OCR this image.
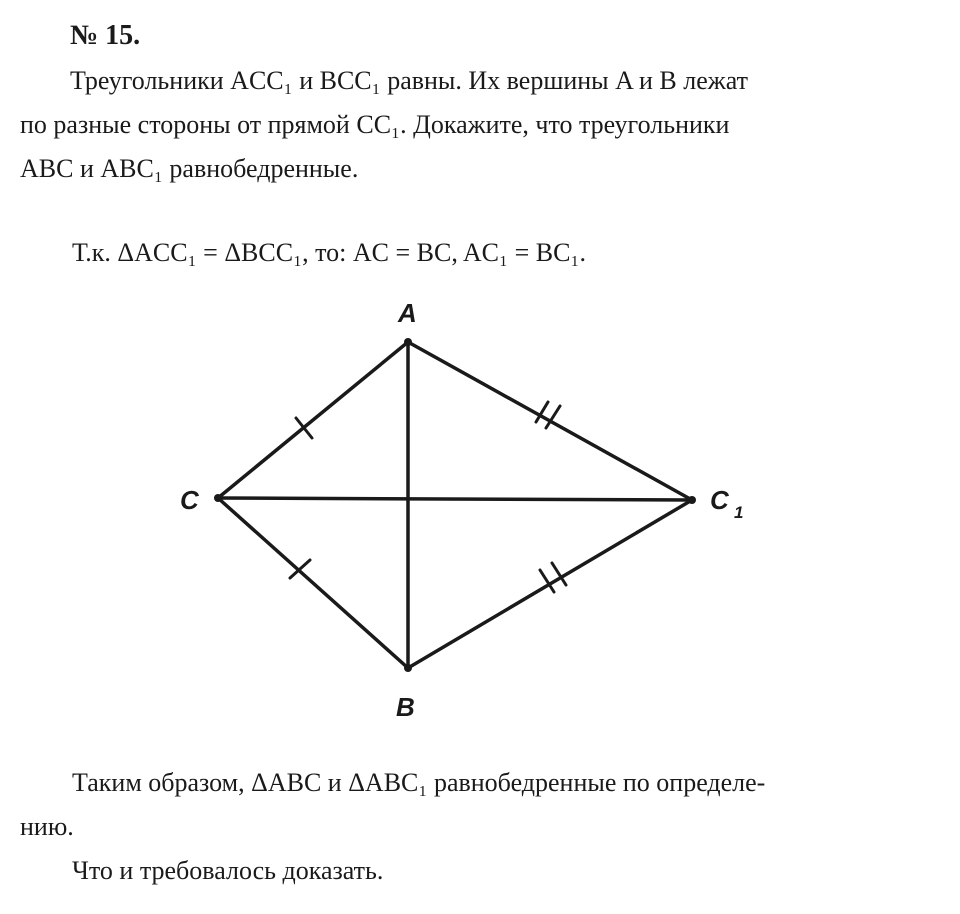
№ 15.
Треугольники ACC₁ и BCC₁ равны. Их вершины A и B лежат
по разные стороны от прямой CC₁. Докажите, что треугольники
ABC и ABC₁ равнобедренные.
Т.к. ΔACC₁ = ΔBCC₁, то: AC = BC, AC₁ = BC₁.
A
B
C	C 1
Таким образом, ΔABC и ΔABC₁ равнобедренные по определе-
нию.
Что и требовалось доказать.
